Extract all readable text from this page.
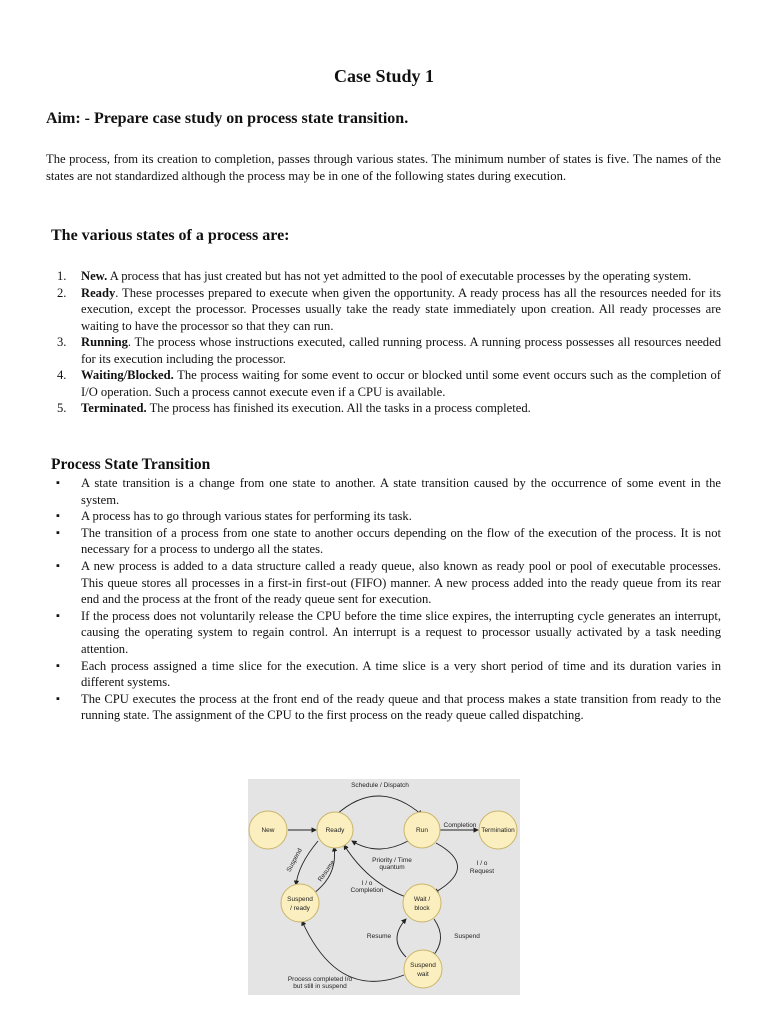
Case Study 1
Aim: - Prepare case study on process state transition.
The process, from its creation to completion, passes through various states. The minimum number of states is five. The names of the states are not standardized although the process may be in one of the following states during execution.
The various states of a process are:
1. New. A process that has just created but has not yet admitted to the pool of executable processes by the operating system.
2. Ready. These processes prepared to execute when given the opportunity. A ready process has all the resources needed for its execution, except the processor. Processes usually take the ready state immediately upon creation. All ready processes are waiting to have the processor so that they can run.
3. Running. The process whose instructions executed, called running process. A running process possesses all resources needed for its execution including the processor.
4. Waiting/Blocked. The process waiting for some event to occur or blocked until some event occurs such as the completion of I/O operation. Such a process cannot execute even if a CPU is available.
5. Terminated. The process has finished its execution. All the tasks in a process completed.
Process State Transition
▪ A state transition is a change from one state to another. A state transition caused by the occurrence of some event in the system.
▪ A process has to go through various states for performing its task.
▪ The transition of a process from one state to another occurs depending on the flow of the execution of the process. It is not necessary for a process to undergo all the states.
▪ A new process is added to a data structure called a ready queue, also known as ready pool or pool of executable processes. This queue stores all processes in a first-in first-out (FIFO) manner. A new process added into the ready queue from its rear end and the process at the front of the ready queue sent for execution.
▪ If the process does not voluntarily release the CPU before the time slice expires, the interrupting cycle generates an interrupt, causing the operating system to regain control. An interrupt is a request to processor usually activated by a task needing attention.
▪ Each process assigned a time slice for the execution. A time slice is a very short period of time and its duration varies in different systems.
▪ The CPU executes the process at the front end of the ready queue and that process makes a state transition from ready to the running state. The assignment of the CPU to the first process on the ready queue called dispatching.
New	Ready	Run	Termination
Suspend
/ ready
Wait /
block
Suspend
wait
Schedule / Dispatch
Completion
Priority / Time
quantum
I / o
Request
I / o
Completion
Suspend Resume
Resume	Suspend
Process completed I/o
but still in suspend
